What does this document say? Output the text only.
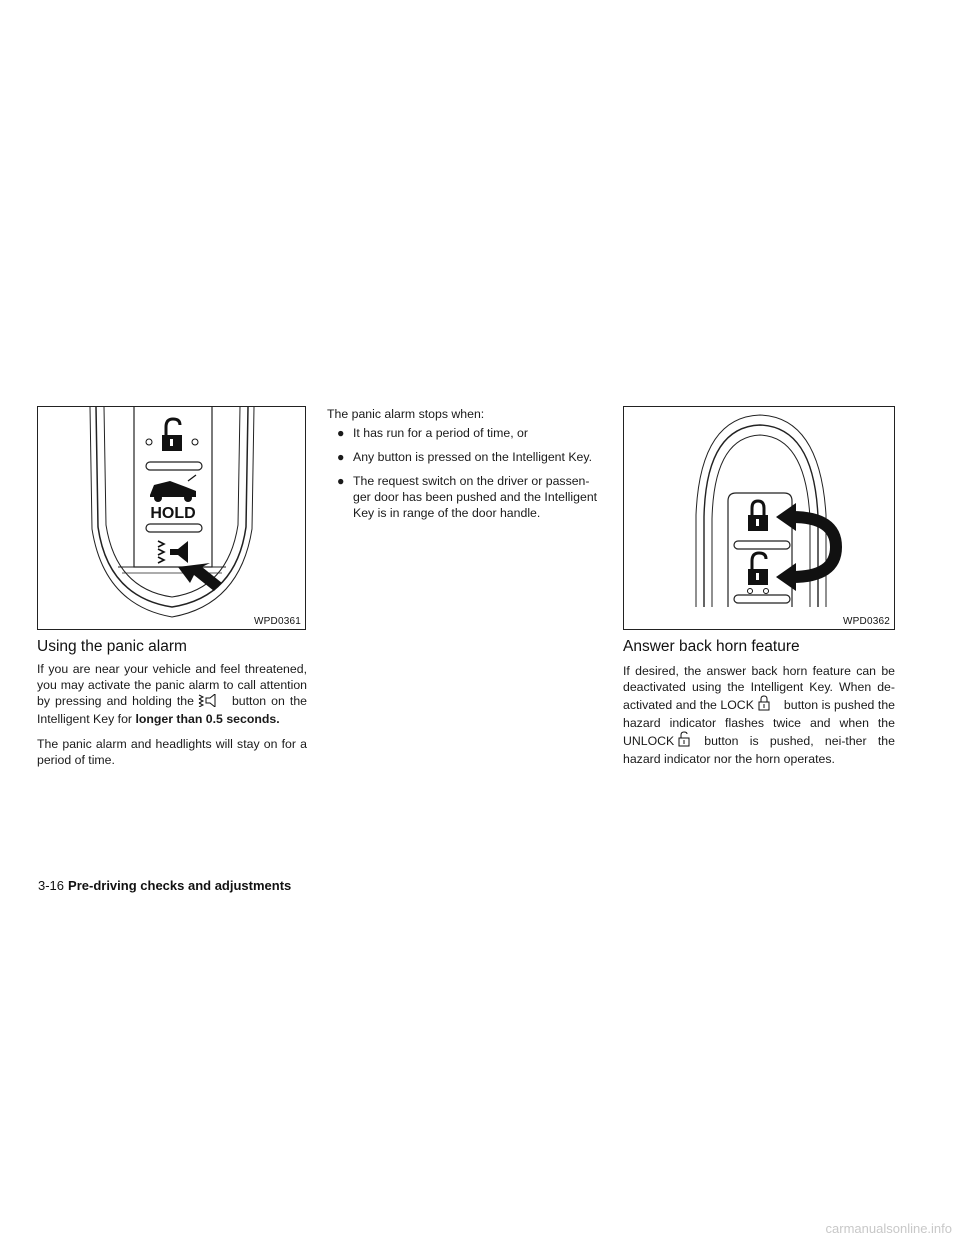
HOLD
WPD0361
Using the panic alarm

If you are near your vehicle and feel threatened, you may activate the panic alarm to call attention by pressing and holding the	button on the Intelligent Key for longer than 0.5 seconds.

The panic alarm and headlights will stay on for a period of time.

The panic alarm stops when:
● It has run for a period of time, or
● Any button is pressed on the Intelligent Key.
● The request switch on the driver or passen-ger door has been pushed and the Intelligent Key is in range of the door handle.
WPD0362
Answer back horn feature

If desired, the answer back horn feature can be deactivated using the Intelligent Key. When de-activated and the LOCK button is pushed the hazard indicator flashes twice and when the UNLOCK button is pushed, nei-ther the hazard indicator nor the horn operates.

3-16 Pre-driving checks and adjustments
carmanualsonline.info
